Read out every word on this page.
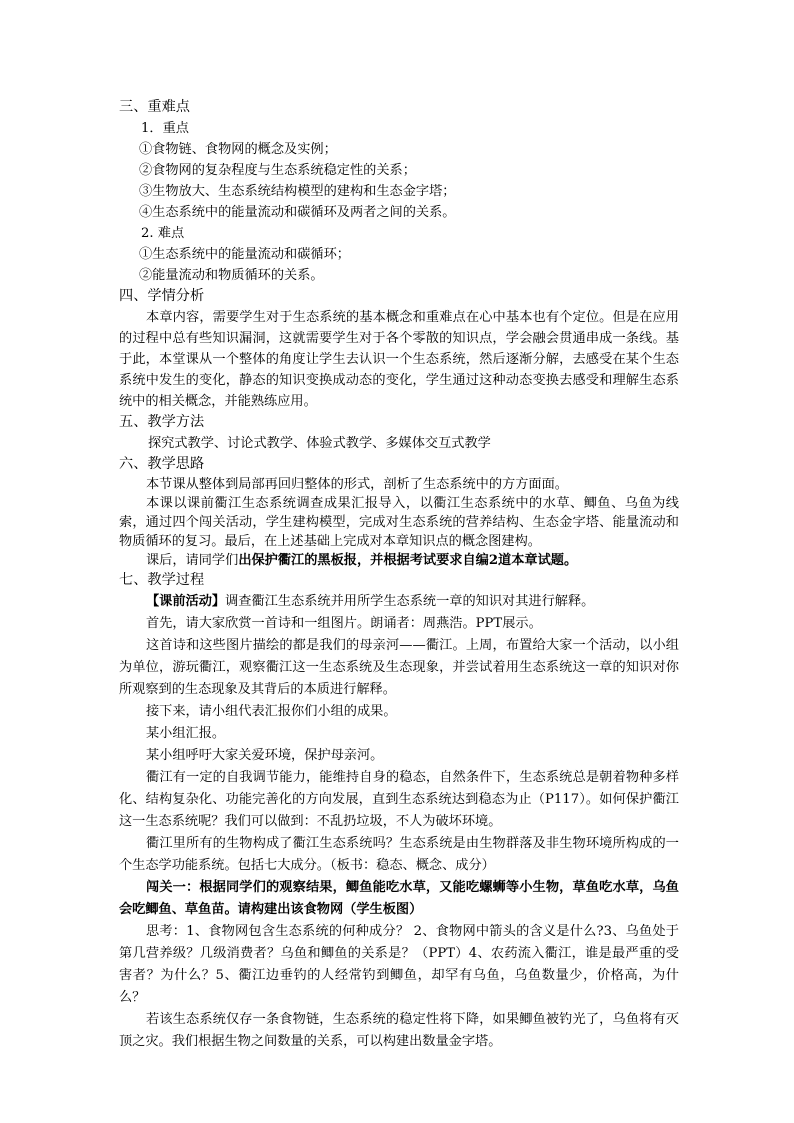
三、重难点
1．重点
①食物链、食物网的概念及实例；
②食物网的复杂程度与生态系统稳定性的关系；
③生物放大、生态系统结构模型的建构和生态金字塔；
④生态系统中的能量流动和碳循环及两者之间的关系。
2. 难点
①生态系统中的能量流动和碳循环；
②能量流动和物质循环的关系。
四、学情分析
本章内容，需要学生对于生态系统的基本概念和重难点在心中基本也有个定位。但是在应用的过程中总有些知识漏洞，这就需要学生对于各个零散的知识点，学会融会贯通串成一条线。基于此，本堂课从一个整体的角度让学生去认识一个生态系统，然后逐渐分解，去感受在某个生态系统中发生的变化，静态的知识变换成动态的变化，学生通过这种动态变换去感受和理解生态系统中的相关概念，并能熟练应用。
五、教学方法
探究式教学、讨论式教学、体验式教学、多媒体交互式教学
六、教学思路
本节课从整体到局部再回归整体的形式，剖析了生态系统中的方方面面。
本课以课前衢江生态系统调查成果汇报导入，以衢江生态系统中的水草、鲫鱼、乌鱼为线索，通过四个闯关活动，学生建构模型，完成对生态系统的营养结构、生态金字塔、能量流动和物质循环的复习。最后，在上述基础上完成对本章知识点的概念图建构。
课后，请同学们出保护衢江的黑板报，并根据考试要求自编2道本章试题。
七、教学过程
【课前活动】调查衢江生态系统并用所学生态系统一章的知识对其进行解释。
首先，请大家欣赏一首诗和一组图片。朗诵者：周燕浩。PPT展示。
这首诗和这些图片描绘的都是我们的母亲河——衢江。上周，布置给大家一个活动，以小组为单位，游玩衢江，观察衢江这一生态系统及生态现象，并尝试着用生态系统这一章的知识对你所观察到的生态现象及其背后的本质进行解释。
接下来，请小组代表汇报你们小组的成果。
某小组汇报。
某小组呼吁大家关爱环境，保护母亲河。
衢江有一定的自我调节能力，能维持自身的稳态，自然条件下，生态系统总是朝着物种多样化、结构复杂化、功能完善化的方向发展，直到生态系统达到稳态为止（P117）。如何保护衢江这一生态系统呢？我们可以做到：不乱扔垃圾，不人为破坏环境。
衢江里所有的生物构成了衢江生态系统吗？生态系统是由生物群落及非生物环境所构成的一个生态学功能系统。包括七大成分。（板书：稳态、概念、成分）
闯关一：根据同学们的观察结果，鲫鱼能吃水草，又能吃螺蛳等小生物，草鱼吃水草，乌鱼会吃鲫鱼、草鱼苗。请构建出该食物网（学生板图）
思考：1、食物网包含生态系统的何种成分？ 2、食物网中箭头的含义是什么?3、乌鱼处于第几营养级？几级消费者？乌鱼和鲫鱼的关系是？（PPT）4、农药流入衢江，谁是最严重的受害者？为什么？5、衢江边垂钓的人经常钓到鲫鱼，却罕有乌鱼，乌鱼数量少，价格高，为什么？
若该生态系统仅存一条食物链，生态系统的稳定性将下降，如果鲫鱼被钓光了，乌鱼将有灭顶之灾。我们根据生物之间数量的关系，可以构建出数量金字塔。
